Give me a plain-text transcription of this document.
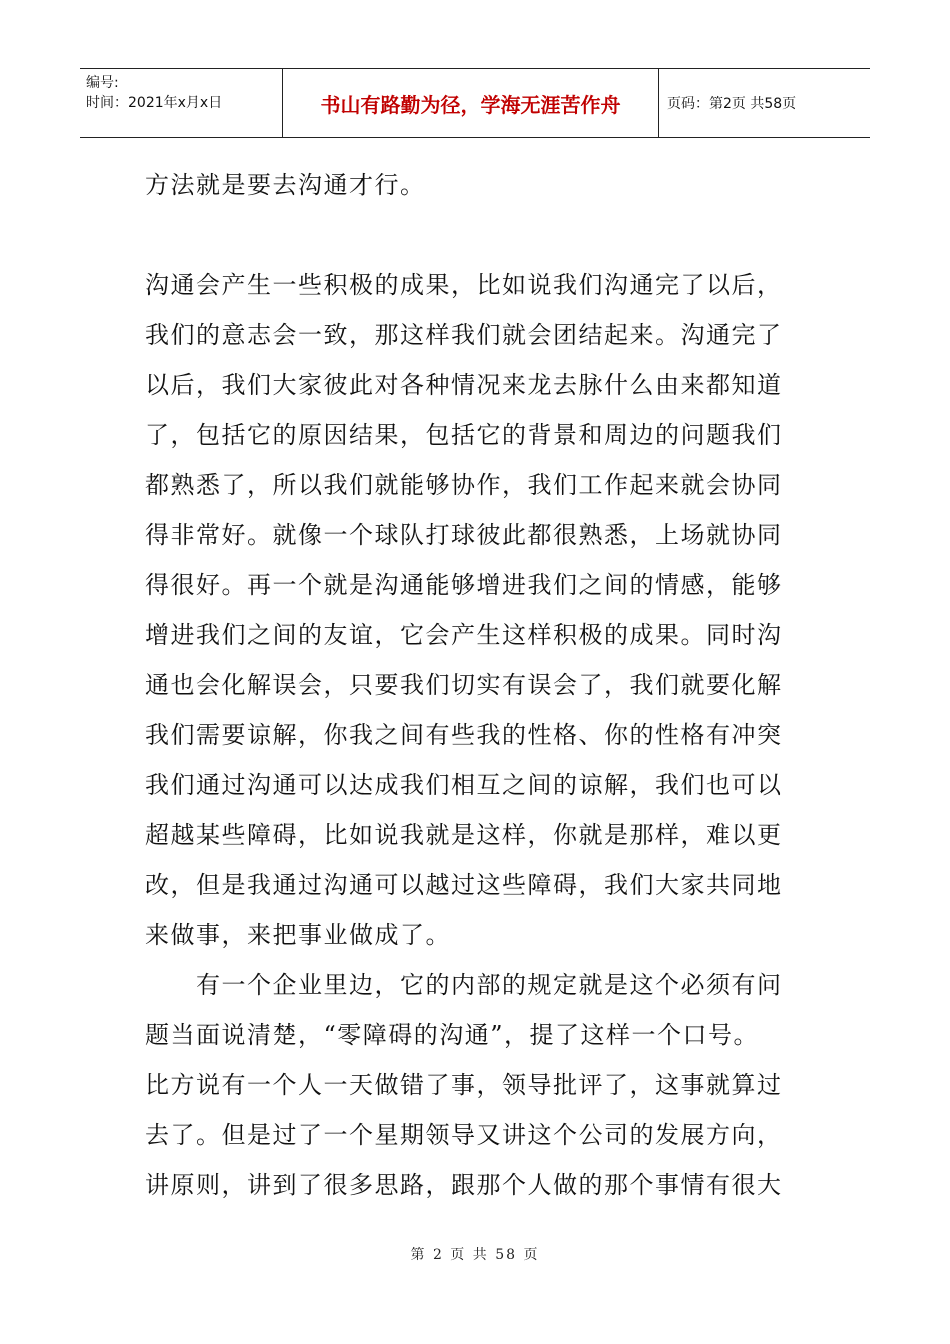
编号:
时间：2021年x月x日	书山有路勤为径，学海无涯苦作舟	页码：第2页 共58页

方法就是要去沟通才行。

沟通会产生一些积极的成果，比如说我们沟通完了以后，

我们的意志会一致，那这样我们就会团结起来。沟通完了

以后，我们大家彼此对各种情况来龙去脉什么由来都知道

了，包括它的原因结果，包括它的背景和周边的问题我们

都熟悉了，所以我们就能够协作，我们工作起来就会协同

得非常好。就像一个球队打球彼此都很熟悉，上场就协同

得很好。再一个就是沟通能够增进我们之间的情感，能够

增进我们之间的友谊，它会产生这样积极的成果。同时沟

通也会化解误会，只要我们切实有误会了，我们就要化解

我们需要谅解，你我之间有些我的性格、你的性格有冲突

我们通过沟通可以达成我们相互之间的谅解，我们也可以

超越某些障碍，比如说我就是这样，你就是那样，难以更

改，但是我通过沟通可以越过这些障碍，我们大家共同地

来做事，来把事业做成了。

　　有一个企业里边，它的内部的规定就是这个必须有问

题当面说清楚，“零障碍的沟通”，提了这样一个口号。

比方说有一个人一天做错了事，领导批评了，这事就算过

去了。但是过了一个星期领导又讲这个公司的发展方向，

讲原则，讲到了很多思路，跟那个人做的那个事情有很大

第 2 页 共 58 页
